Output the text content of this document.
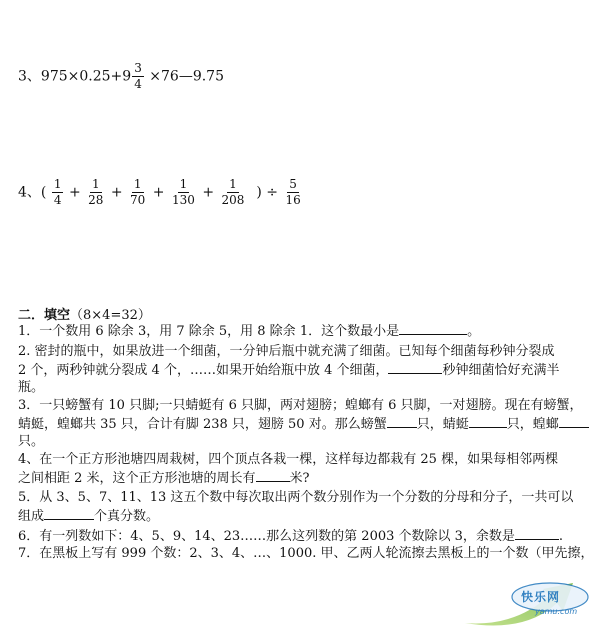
3、$975\times 0.25+9 \frac{3}{4}$ ×76—9.75
4、( $\frac{1}{4} + \frac{1}{28} + \frac{1}{70} + \frac{1}{130} + \frac{1}{208}$ ) ÷ $\frac{5}{16}$
二．填空（8×4=32）
1．一个数用 6 除余 3，用 7 除余 5，用 8 除余 1．这个数最小是	。
2. 密封的瓶中，如果放进一个细菌，一分钟后瓶中就充满了细菌。已知每个细菌每秒钟分裂成
2 个，两秒钟就分裂成 4 个，……如果开始给瓶中放 4 个细菌，	秒钟细菌恰好充满半
瓶。
3．一只螃蟹有 10 只脚;一只蜻蜓有 6 只脚，两对翅膀；蝗螂有 6 只脚，一对翅膀。现在有螃蟹，
蜻蜓，蝗螂共 35 只，合计有脚 238 只，翅膀 50 对。那么螃蟹 只，蜻蜓	只，蝗螂
只。
4、在一个正方形池塘四周栽树，四个顶点各栽一棵，这样每边都栽有 25 棵，如果每相邻两棵
之间相距 2 米，这个正方形池塘的周长有	米?
5．从 3、5、7、11、13 这五个数中每次取出两个数分别作为一个分数的分母和分子，一共可以
组成	个真分数。
6．有一列数如下：4、5、9、14、23……那么这列数的第 2003 个数除以 3，余数是	.
7．在黑板上写有 999 个数：2、3、4、…、1000. 甲、乙两人轮流擦去黑板上的一个数（甲先擦，
快乐网
yamu.com
